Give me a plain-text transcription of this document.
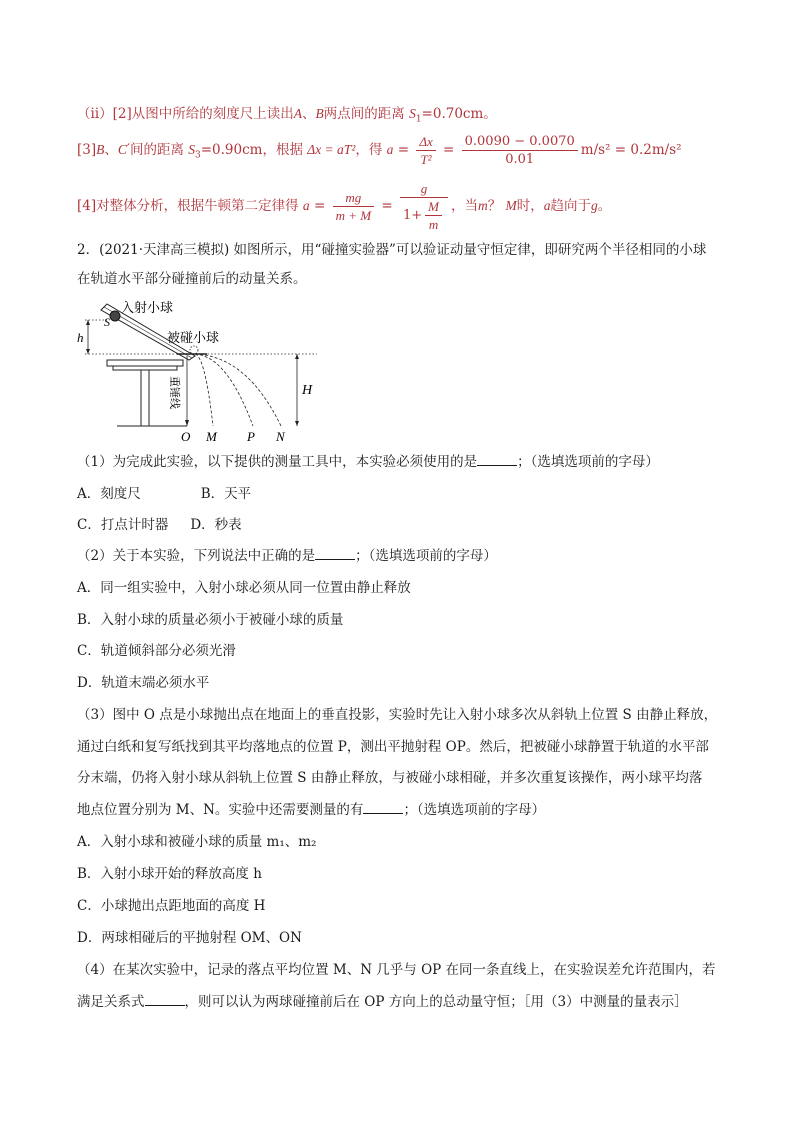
（ⅱ）[2]从图中所给的刻度尺上读出A、B两点间的距离 $S_1=0.70cm$。
[3]B、C′间的距离 $S_3=0.90cm$，根据 Δx = aT²，得 $a = \frac{\Delta x}{\text{T²}} = \frac{0.0090 - 0.0070}{0.01} m/s^2 = 0.2m/s^2$
[4]对整体分析，根据牛顿第二定律得 $a = \frac{mg}{m + M} = \frac{g}{1+ \frac{M}{m}}$ ，当m？ M时，a趋向于g。
2．(2021·天津高三模拟) 如图所示，用“碰撞实验器”可以验证动量守恒定律，即研究两个半径相同的小球
在轨道水平部分碰撞前后的动量关系。
h
S
入射小球
被碰小球
重锤线	H
O M P N
（1）为完成此实验，以下提供的测量工具中，本实验必须使用的是	；（选填选项前的字母）
A．刻度尺	B．天平
C．打点计时器 D．秒表
（2）关于本实验，下列说法中正确的是	；（选填选项前的字母）
A．同一组实验中，入射小球必须从同一位置由静止释放
B．入射小球的质量必须小于被碰小球的质量
C．轨道倾斜部分必须光滑
D．轨道末端必须水平
（3）图中 O 点是小球抛出点在地面上的垂直投影，实验时先让入射小球多次从斜轨上位置 S 由静止释放，
通过白纸和复写纸找到其平均落地点的位置 P，测出平抛射程 OP。然后，把被碰小球静置于轨道的水平部
分末端，仍将入射小球从斜轨上位置 S 由静止释放，与被碰小球相碰，并多次重复该操作，两小球平均落
地点位置分别为 M、N。实验中还需要测量的有	；（选填选项前的字母）
A．入射小球和被碰小球的质量 m₁、m₂
B．入射小球开始的释放高度 h
C．小球抛出点距地面的高度 H
D．两球相碰后的平抛射程 OM、ON
（4）在某次实验中，记录的落点平均位置 M、N 几乎与 OP 在同一条直线上，在实验误差允许范围内，若
满足关系式	，则可以认为两球碰撞前后在 OP 方向上的总动量守恒；［用（3）中测量的量表示］
